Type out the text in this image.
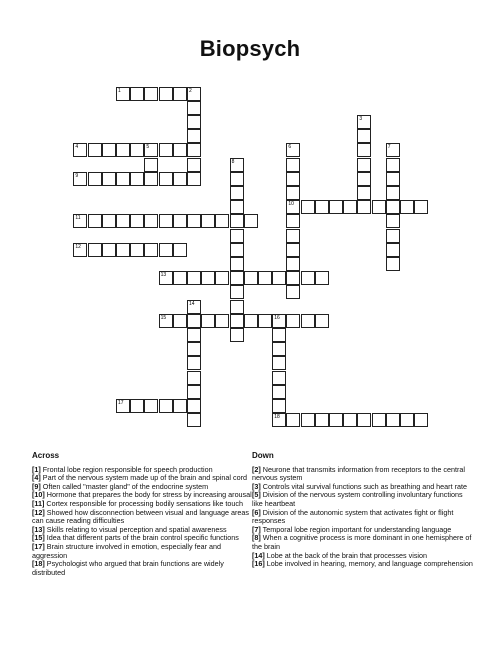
Biopsych
1	2
4	5
9
10
11
12
13
15	16
17
18
3
6	7
8
14
Across

[1] Frontal lobe region responsible for speech production

[4] Part of the nervous system made up of the brain and spinal cord

[9] Often called "master gland" of the endocrine system

[10] Hormone that prepares the body for stress by increasing arousal

[11] Cortex responsible for processing bodily sensations like touch

[12] Showed how disconnection between visual and language areas can cause reading difficulties

[13] Skills relating to visual perception and spatial awareness

[15] Idea that different parts of the brain control specific functions

[17] Brain structure involved in emotion, especially fear and aggression

[18] Psychologist who argued that brain functions are widely distributed

Down

[2] Neurone that transmits information from receptors to the central nervous system

[3] Controls vital survival functions such as breathing and heart rate

[5] Division of the nervous system controlling involuntary functions like heartbeat

[6] Division of the autonomic system that activates fight or flight responses

[7] Temporal lobe region important for understanding language

[8] When a cognitive process is more dominant in one hemisphere of the brain

[14] Lobe at the back of the brain that processes vision

[16] Lobe involved in hearing, memory, and language comprehension
